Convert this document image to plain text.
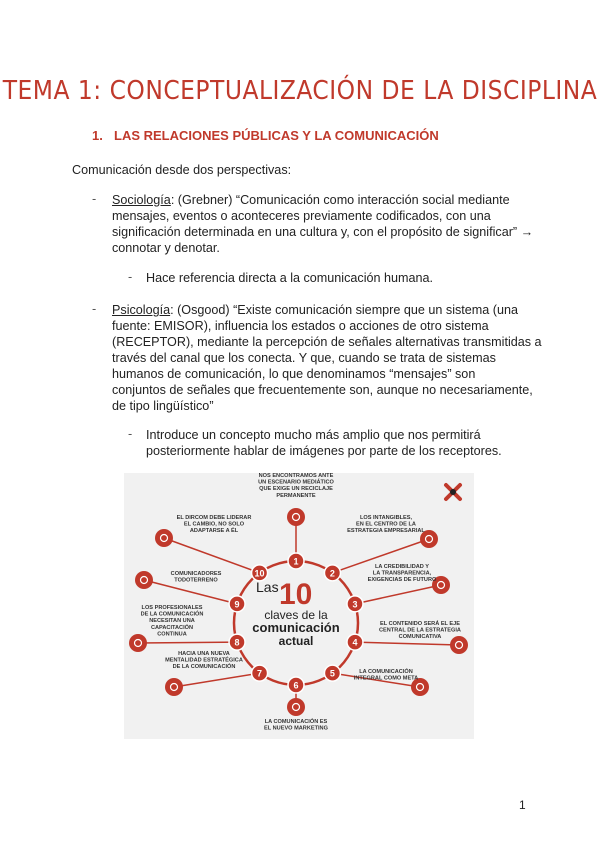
TEMA 1: CONCEPTUALIZACIÓN DE LA DISCIPLINA
1. LAS RELACIONES PÚBLICAS Y LA COMUNICACIÓN
Comunicación desde dos perspectivas:
- Sociología: (Grebner) “Comunicación como interacción social mediante
mensajes, eventos o aconteceres previamente codificados, con una
significación determinada en una cultura y, con el propósito de significar” →
connotar y denotar.
- Hace referencia directa a la comunicación humana.
- Psicología: (Osgood) “Existe comunicación siempre que un sistema (una
fuente: EMISOR), influencia los estados o acciones de otro sistema
(RECEPTOR), mediante la percepción de señales alternativas transmitidas a
través del canal que los conecta. Y que, cuando se trata de sistemas
humanos de comunicación, lo que denominamos “mensajes” son
conjuntos de señales que frecuentemente son, aunque no necesariamente,
de tipo lingüístico”
- Introduce un concepto mucho más amplio que nos permitirá
posteriormente hablar de imágenes por parte de los receptores.
1
2
3
4
5
6
7
8
9
10
NOS ENCONTRAMOS ANTE
UN ESCENARIO MEDIÁTICO
QUE EXIGE UN RECICLAJE
PERMANENTE
LOS INTANGIBLES,
EN EL CENTRO DE LA
ESTRATEGIA EMPRESARIAL
LA CREDIBILIDAD Y
LA TRANSPARENCIA,
EXIGENCIAS DE FUTURO
EL CONTENIDO SERÁ EL EJE
CENTRAL DE LA ESTRATEGIA
COMUNICATIVA
LA COMUNICACIÓN
INTEGRAL COMO META
LA COMUNICACIÓN ES
EL NUEVO MARKETING
HACIA UNA NUEVA
MENTALIDAD ESTRATÉGICA
DE LA COMUNICACIÓN
LOS PROFESIONALES
DE LA COMUNICACIÓN
NECESITAN UNA
CAPACITACIÓN
CONTINUA
COMUNICADORES
TODOTERRENO
EL DIRCOM DEBE LIDERAR
EL CAMBIO, NO SOLO
ADAPTARSE A ÉL
Las 10
claves de la
comunicación
actual
1
